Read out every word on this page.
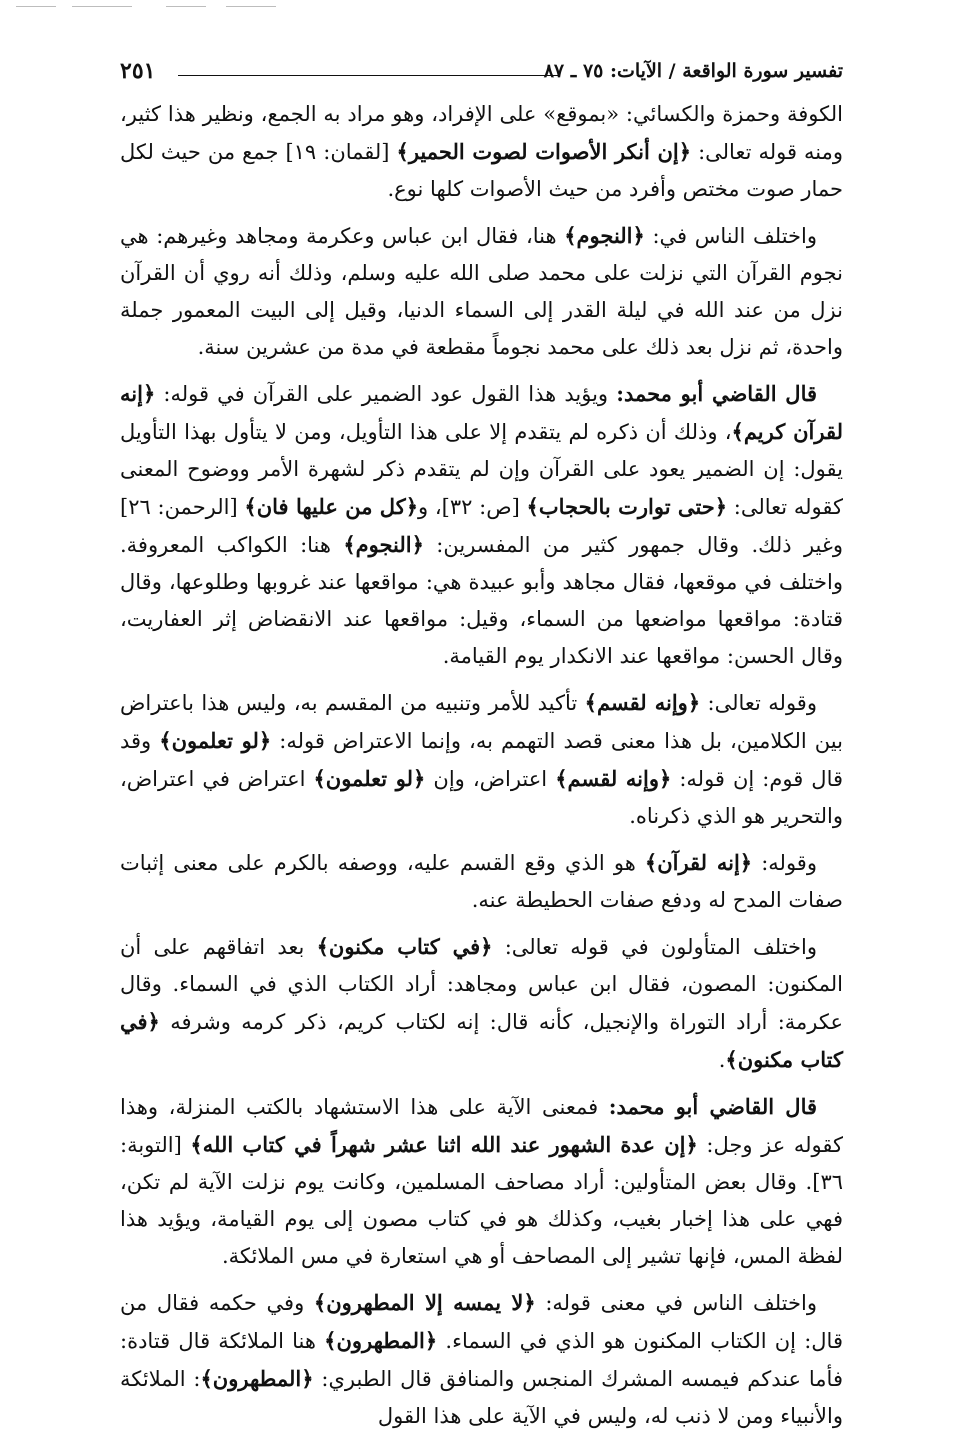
تفسير سورة الواقعة / الآيات: ٧٥ ـ ٨٧
٢٥١

الكوفة وحمزة والكسائي: «بموقع» على الإفراد، وهو مراد به الجمع، ونظير هذا كثير، ومنه قوله تعالى: ﴿إن أنكر الأصوات لصوت الحمير﴾ [لقمان: ١٩] جمع من حيث لكل حمار صوت مختص وأفرد من حيث الأصوات كلها نوع.

واختلف الناس في: ﴿النجوم﴾ هنا، فقال ابن عباس وعكرمة ومجاهد وغيرهم: هي نجوم القرآن التي نزلت على محمد صلى الله عليه وسلم، وذلك أنه روي أن القرآن نزل من عند الله في ليلة القدر إلى السماء الدنيا، وقيل إلى البيت المعمور جملة واحدة، ثم نزل بعد ذلك على محمد نجوماً مقطعة في مدة من عشرين سنة.

قال القاضي أبو محمد: ويؤيد هذا القول عود الضمير على القرآن في قوله: ﴿إنه لقرآن كريم﴾، وذلك أن ذكره لم يتقدم إلا على هذا التأويل، ومن لا يتأول بهذا التأويل يقول: إن الضمير يعود على القرآن وإن لم يتقدم ذكر لشهرة الأمر ووضوح المعنى كقوله تعالى: ﴿حتى توارت بالحجاب﴾ [ص: ٣٢]، و﴿كل من عليها فان﴾ [الرحمن: ٢٦] وغير ذلك. وقال جمهور كثير من المفسرين: ﴿النجوم﴾ هنا: الكواكب المعروفة. واختلف في موقعها، فقال مجاهد وأبو عبيدة هي: مواقعها عند غروبها وطلوعها، وقال قتادة: مواقعها مواضعها من السماء، وقيل: مواقعها عند الانقضاض إثر العفاريت، وقال الحسن: مواقعها عند الانكدار يوم القيامة.

وقوله تعالى: ﴿وإنه لقسم﴾ تأكيد للأمر وتنبيه من المقسم به، وليس هذا باعتراض بين الكلامين، بل هذا معنى قصد التهمم به، وإنما الاعتراض قوله: ﴿لو تعلمون﴾ وقد قال قوم: إن قوله: ﴿وإنه لقسم﴾ اعتراض، وإن ﴿لو تعلمون﴾ اعتراض في اعتراض، والتحرير هو الذي ذكرناه.

وقوله: ﴿إنه لقرآن﴾ هو الذي وقع القسم عليه، ووصفه بالكرم على معنى إثبات صفات المدح له ودفع صفات الحطيطة عنه.

واختلف المتأولون في قوله تعالى: ﴿في كتاب مكنون﴾ بعد اتفاقهم على أن المكنون: المصون، فقال ابن عباس ومجاهد: أراد الكتاب الذي في السماء. وقال عكرمة: أراد التوراة والإنجيل، كأنه قال: إنه لكتاب كريم، ذكر كرمه وشرفه ﴿في كتاب مكنون﴾.

قال القاضي أبو محمد: فمعنى الآية على هذا الاستشهاد بالكتب المنزلة، وهذا كقوله عز وجل: ﴿إن عدة الشهور عند الله اثنا عشر شهراً في كتاب الله﴾ [التوبة: ٣٦]. وقال بعض المتأولين: أراد مصاحف المسلمين، وكانت يوم نزلت الآية لم تكن، فهي على هذا إخبار بغيب، وكذلك هو في كتاب مصون إلى يوم القيامة، ويؤيد هذا لفظة المس، فإنها تشير إلى المصاحف أو هي استعارة في مس الملائكة.

واختلف الناس في معنى قوله: ﴿لا يمسه إلا المطهرون﴾ وفي حكمه فقال من قال: إن الكتاب المكنون هو الذي في السماء. ﴿المطهرون﴾ هنا الملائكة قال قتادة: فأما عندكم فيمسه المشرك المنجس والمنافق قال الطبري: ﴿المطهرون﴾: الملائكة والأنبياء ومن لا ذنب له، وليس في الآية على هذا القول
